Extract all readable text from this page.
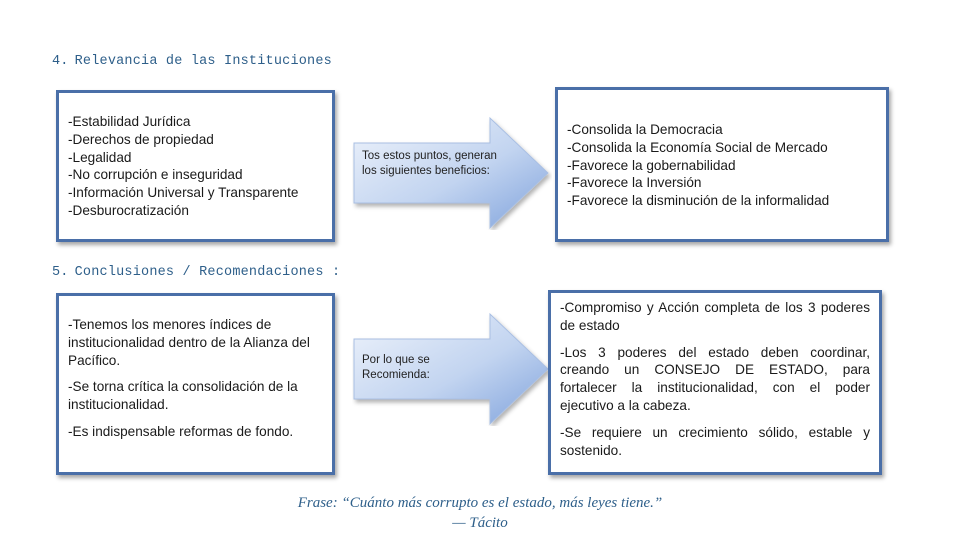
4. Relevancia de las Instituciones
-Estabilidad Jurídica
-Derechos de propiedad
-Legalidad
-No corrupción e inseguridad
-Información Universal y Transparente
-Desburocratización
Tos estos puntos, generan los siguientes beneficios:
-Consolida la Democracia
-Consolida la Economía Social de Mercado
-Favorece la gobernabilidad
-Favorece la Inversión
-Favorece la disminución de la informalidad
5. Conclusiones / Recomendaciones :

-Tenemos los menores índices de institucionalidad dentro de la Alianza del Pacífico.

-Se torna crítica la consolidación de la institucionalidad.

-Es indispensable reformas de fondo.

Por lo que se Recomienda:

-Compromiso y Acción completa de los 3 poderes de estado

-Los 3 poderes del estado deben coordinar, creando un CONSEJO DE ESTADO, para fortalecer la institucionalidad, con el poder ejecutivo a la cabeza.

-Se requiere un crecimiento sólido, estable y sostenido.

Frase: “Cuánto más corrupto es el estado, más leyes tiene.”
— Tácito
